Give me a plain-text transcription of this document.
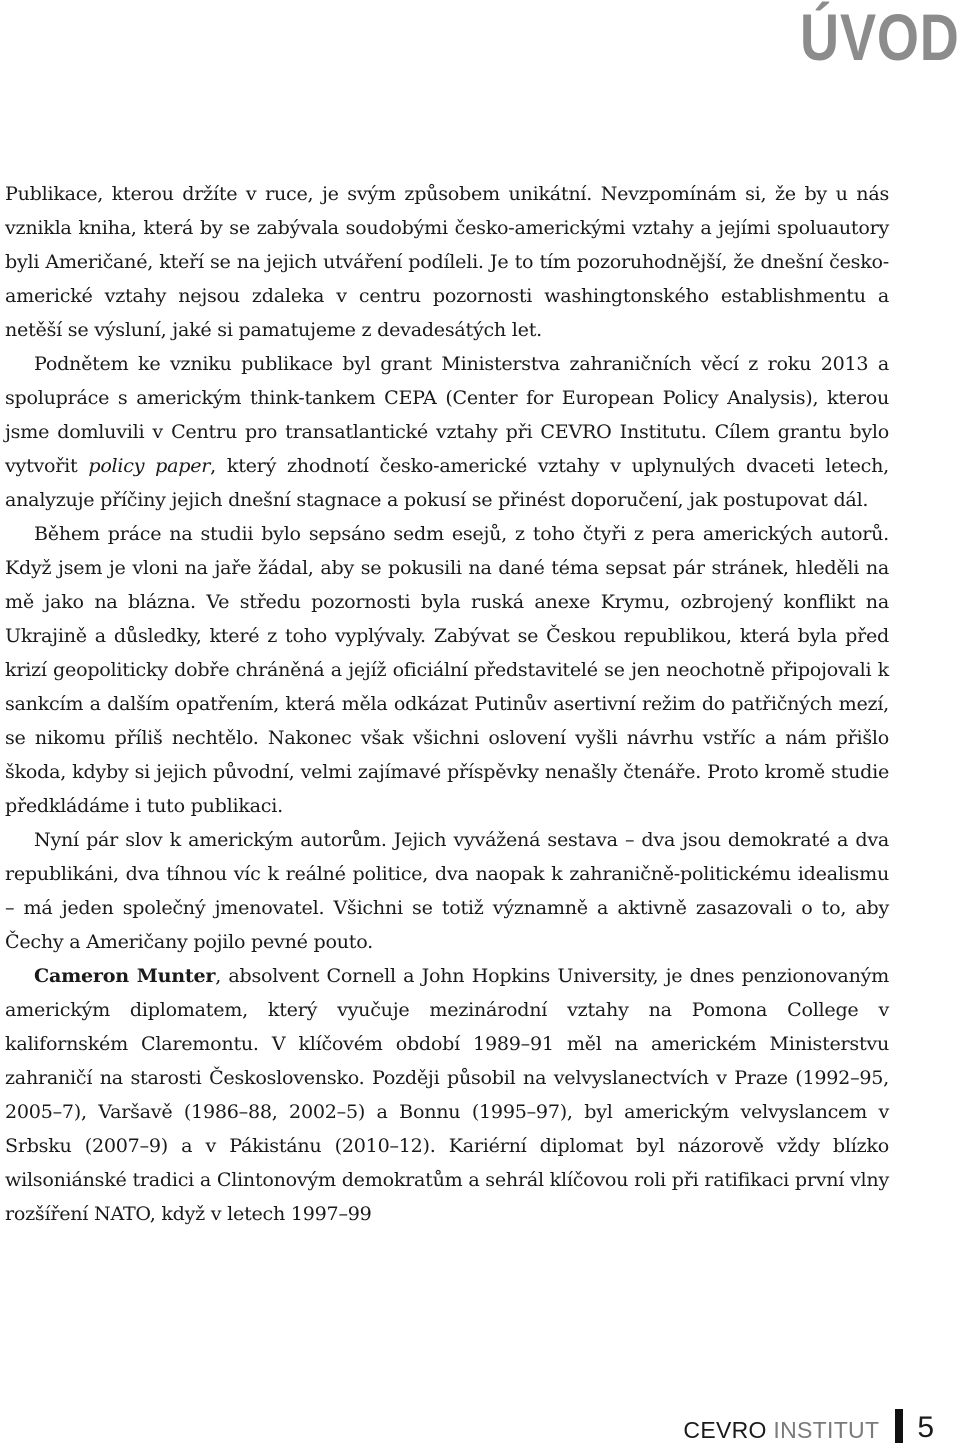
ÚVOD

Publikace, kterou držíte v ruce, je svým způsobem unikátní. Nevzpomínám si, že by u nás vznikla kniha, která by se zabývala soudobými česko-americkými vztahy a jejími spoluautory byli Američané, kteří se na jejich utváření podíleli. Je to tím pozoruhodnější, že dnešní česko-americké vztahy nejsou zdaleka v centru pozornosti washingtonského establishmentu a netěší se výsluní, jaké si pamatujeme z devadesátých let.

Podnětem ke vzniku publikace byl grant Ministerstva zahraničních věcí z roku 2013 a spolupráce s americkým think-tankem CEPA (Center for European Policy Analysis), kterou jsme domluvili v Centru pro transatlantické vztahy při CEVRO Institutu. Cílem grantu bylo vytvořit policy paper, který zhodnotí česko-americké vztahy v uplynulých dvaceti letech, analyzuje příčiny jejich dnešní stagnace a pokusí se přinést doporučení, jak postupovat dál.

Během práce na studii bylo sepsáno sedm esejů, z toho čtyři z pera amerických autorů. Když jsem je vloni na jaře žádal, aby se pokusili na dané téma sepsat pár stránek, hleděli na mě jako na blázna. Ve středu pozornosti byla ruská anexe Krymu, ozbrojený konflikt na Ukrajině a důsledky, které z toho vyplývaly. Zabývat se Českou republikou, která byla před krizí geopoliticky dobře chráněná a jejíž oficiální představitelé se jen neochotně připojovali k sankcím a dalším opatřením, která měla odkázat Putinův asertivní režim do patřičných mezí, se nikomu příliš nechtělo. Nakonec však všichni oslovení vyšli návrhu vstříc a nám přišlo škoda, kdyby si jejich původní, velmi zajímavé příspěvky nenašly čtenáře. Proto kromě studie předkládáme i tuto publikaci.

Nyní pár slov k americkým autorům. Jejich vyvážená sestava – dva jsou demokraté a dva republikáni, dva tíhnou víc k reálné politice, dva naopak k zahraničně-politickému idealismu – má jeden společný jmenovatel. Všichni se totiž významně a aktivně zasazovali o to, aby Čechy a Američany pojilo pevné pouto.

Cameron Munter, absolvent Cornell a John Hopkins University, je dnes penzionovaným americkým diplomatem, který vyučuje mezinárodní vztahy na Pomona College v kalifornském Claremontu. V klíčovém období 1989–91 měl na americkém Ministerstvu zahraničí na starosti Československo. Později působil na velvyslanectvích v Praze (1992–95, 2005–7), Varšavě (1986–88, 2002–5) a Bonnu (1995–97), byl americkým velvyslancem v Srbsku (2007–9) a v Pákistánu (2010–12). Kariérní diplomat byl názorově vždy blízko wilsoniánské tradici a Clintonovým demokratům a sehrál klíčovou roli při ratifikaci první vlny rozšíření NATO, když v letech 1997–99

CEVRO INSTITUT 5
